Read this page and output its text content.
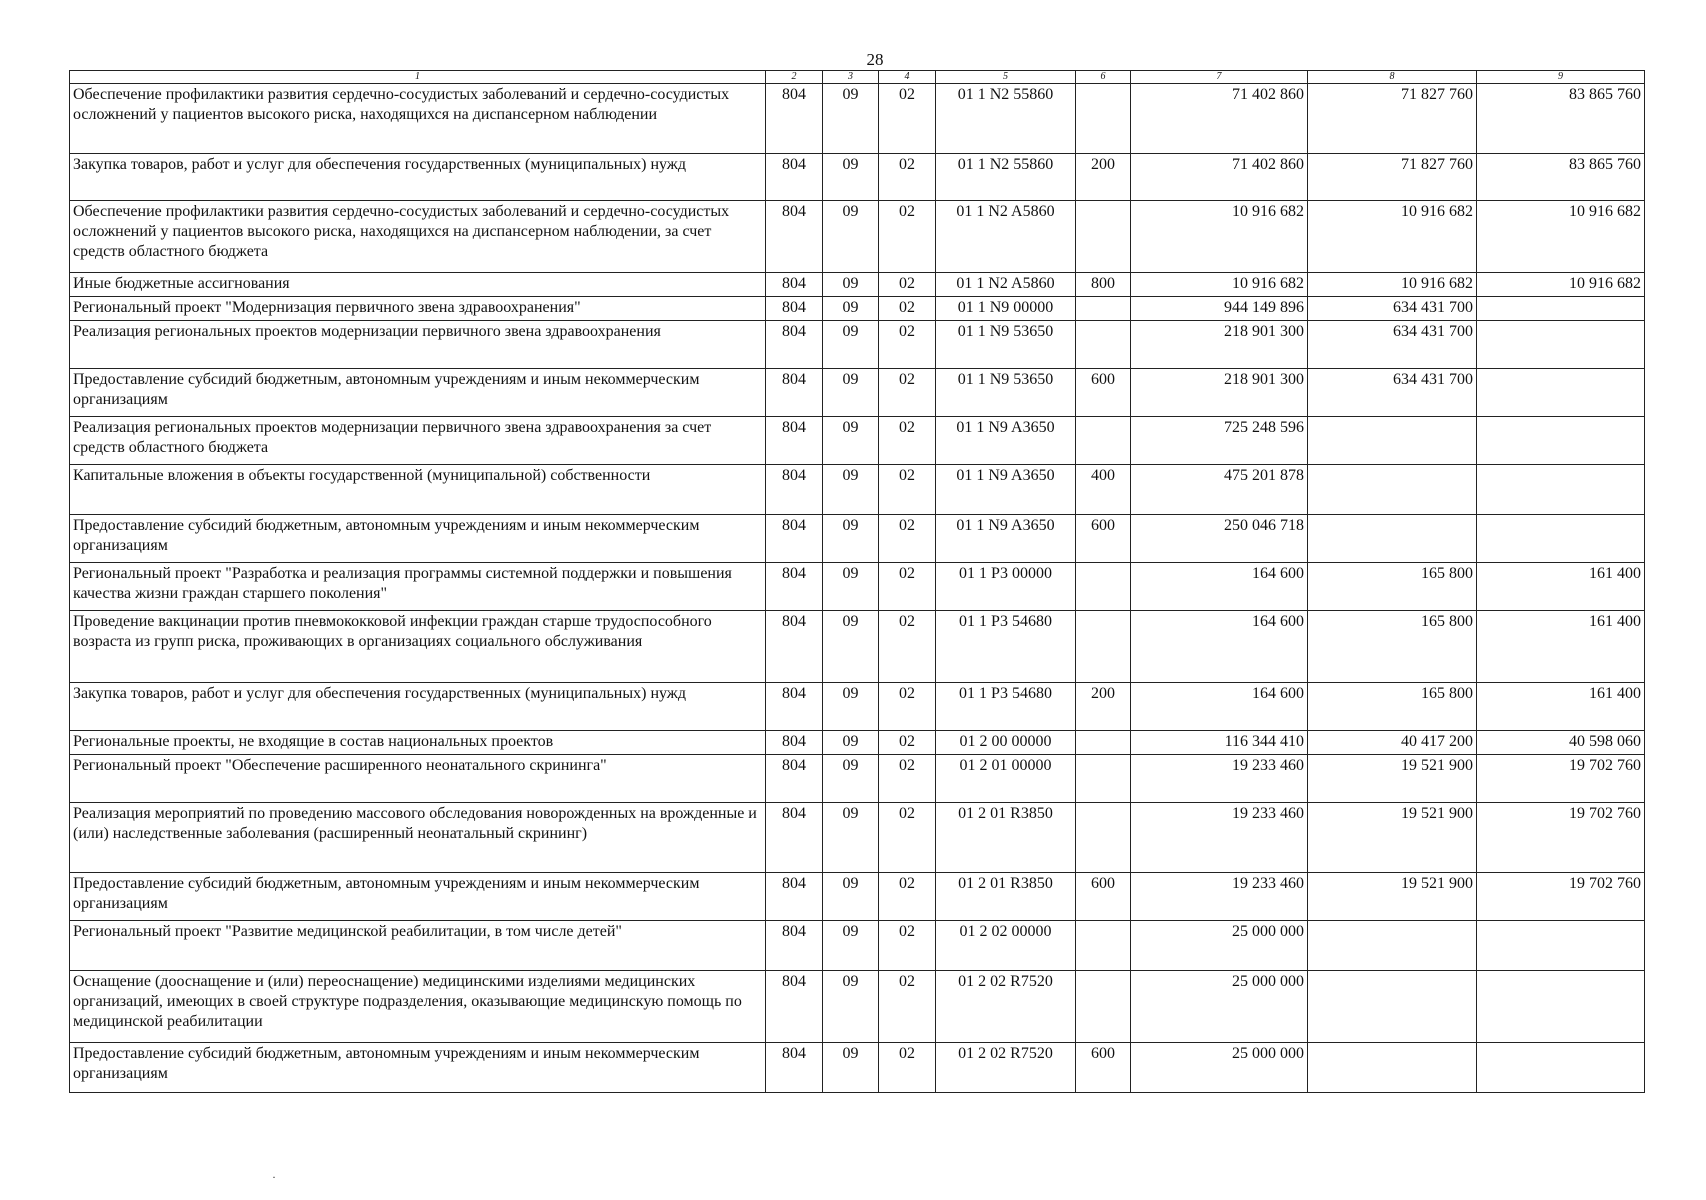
28
1	2	3	4	5	6	7	8	9
Обеспечение профилактики развития сердечно-сосудистых заболеваний и сердечно-сосудистых осложнений у пациентов высокого риска, находящихся на диспансерном наблюдении	804	09	02	01 1 N2 55860		71 402 860	71 827 760	83 865 760
Закупка товаров, работ и услуг для обеспечения государственных (муниципальных) нужд	804	09	02	01 1 N2 55860	200	71 402 860	71 827 760	83 865 760
Обеспечение профилактики развития сердечно-сосудистых заболеваний и сердечно-сосудистых осложнений у пациентов высокого риска, находящихся на диспансерном наблюдении, за счет средств областного бюджета	804	09	02	01 1 N2 A5860		10 916 682	10 916 682	10 916 682
Иные бюджетные ассигнования	804	09	02	01 1 N2 A5860	800	10 916 682	10 916 682	10 916 682
Региональный проект "Модернизация первичного звена здравоохранения"	804	09	02	01 1 N9 00000		944 149 896	634 431 700	
Реализация региональных проектов модернизации первичного звена здравоохранения	804	09	02	01 1 N9 53650		218 901 300	634 431 700	
Предоставление субсидий бюджетным, автономным учреждениям и иным некоммерческим организациям	804	09	02	01 1 N9 53650	600	218 901 300	634 431 700	
Реализация региональных проектов модернизации первичного звена здравоохранения за счет средств областного бюджета	804	09	02	01 1 N9 A3650		725 248 596		
Капитальные вложения в объекты государственной (муниципальной) собственности	804	09	02	01 1 N9 A3650	400	475 201 878		
Предоставление субсидий бюджетным, автономным учреждениям и иным некоммерческим организациям	804	09	02	01 1 N9 A3650	600	250 046 718		
Региональный проект "Разработка и реализация программы системной поддержки и повышения качества жизни граждан старшего поколения"	804	09	02	01 1 P3 00000		164 600	165 800	161 400
Проведение вакцинации против пневмококковой инфекции граждан старше трудоспособного возраста из групп риска, проживающих в организациях социального обслуживания	804	09	02	01 1 P3 54680		164 600	165 800	161 400
Закупка товаров, работ и услуг для обеспечения государственных (муниципальных) нужд	804	09	02	01 1 P3 54680	200	164 600	165 800	161 400
Региональные проекты, не входящие в состав национальных проектов	804	09	02	01 2 00 00000		116 344 410	40 417 200	40 598 060
Региональный проект "Обеспечение расширенного неонатального скрининга"	804	09	02	01 2 01 00000		19 233 460	19 521 900	19 702 760
Реализация мероприятий по проведению массового обследования новорожденных на врожденные и (или) наследственные заболевания (расширенный неонатальный скрининг)	804	09	02	01 2 01 R3850		19 233 460	19 521 900	19 702 760
Предоставление субсидий бюджетным, автономным учреждениям и иным некоммерческим организациям	804	09	02	01 2 01 R3850	600	19 233 460	19 521 900	19 702 760
Региональный проект "Развитие медицинской реабилитации, в том числе детей"	804	09	02	01 2 02 00000		25 000 000		
Оснащение (дооснащение и (или) переоснащение) медицинскими изделиями медицинских организаций, имеющих в своей структуре подразделения, оказывающие медицинскую помощь по медицинской реабилитации	804	09	02	01 2 02 R7520		25 000 000		
Предоставление субсидий бюджетным, автономным учреждениям и иным некоммерческим организациям	804	09	02	01 2 02 R7520	600	25 000 000		
·
